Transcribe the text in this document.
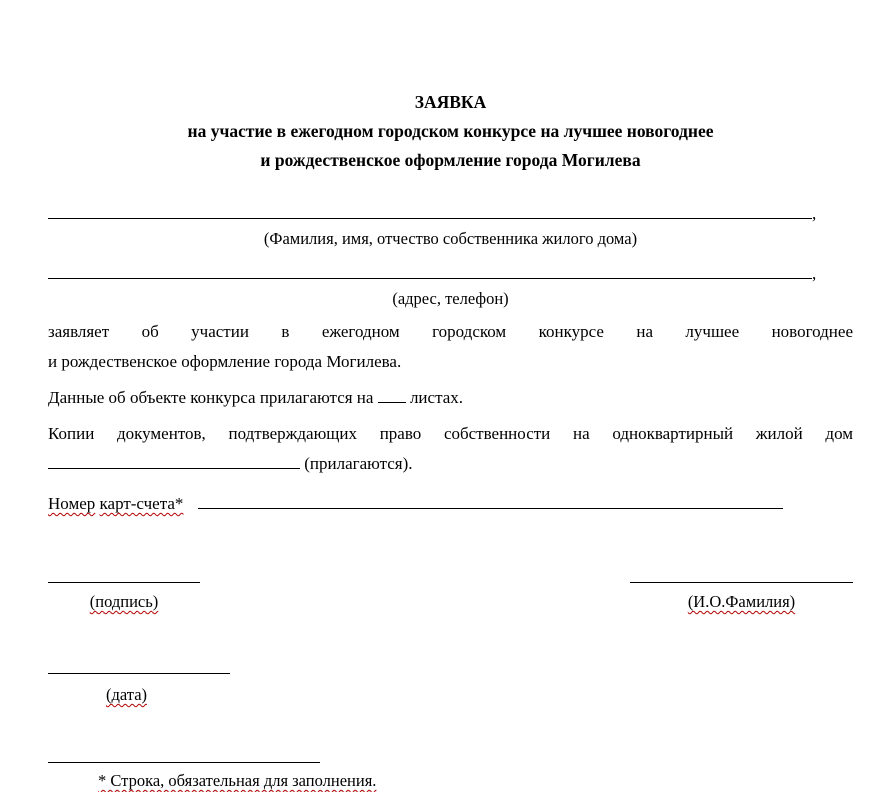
ЗАЯВКА
на участие в ежегодном городском конкурсе на лучшее новогоднее
и рождественское оформление города Могилева
,
(Фамилия, имя, отчество собственника жилого дома)
,
(адрес, телефон)
заявляет об участии в ежегодном городском конкурсе на лучшее новогоднее
и рождественское оформление города Могилева.
Данные об объекте конкурса прилагаются на листах.
Копии документов, подтверждающих право собственности на одноквартирный жилой дом
(прилагаются).
Номер карт-счета*
(подпись)	(И.О.Фамилия)
(дата)
* Строка, обязательная для заполнения.
